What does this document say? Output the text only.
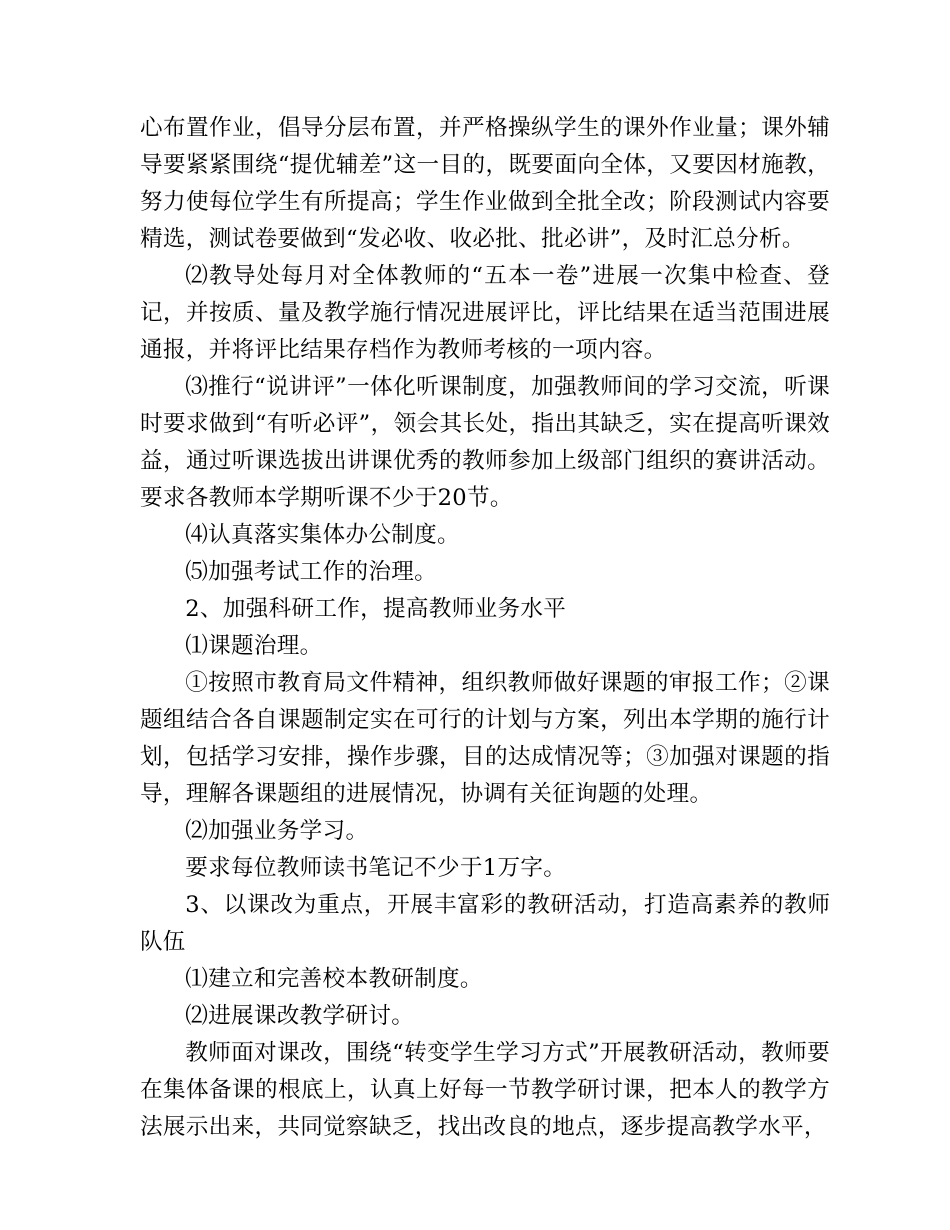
心布置作业，倡导分层布置，并严格操纵学生的课外作业量；课外辅导要紧紧围绕“提优辅差”这一目的，既要面向全体，又要因材施教，努力使每位学生有所提高；学生作业做到全批全改；阶段测试内容要精选，测试卷要做到“发必收、收必批、批必讲”，及时汇总分析。

⑵教导处每月对全体教师的“五本一卷”进展一次集中检查、登记，并按质、量及教学施行情况进展评比，评比结果在适当范围进展通报，并将评比结果存档作为教师考核的一项内容。

⑶推行“说讲评”一体化听课制度，加强教师间的学习交流，听课时要求做到“有听必评”，领会其长处，指出其缺乏，实在提高听课效益，通过听课选拔出讲课优秀的教师参加上级部门组织的赛讲活动。要求各教师本学期听课不少于20节。

⑷认真落实集体办公制度。

⑸加强考试工作的治理。

2、加强科研工作，提高教师业务水平

⑴课题治理。

①按照市教育局文件精神，组织教师做好课题的审报工作；②课题组结合各自课题制定实在可行的计划与方案，列出本学期的施行计划，包括学习安排，操作步骤，目的达成情况等；③加强对课题的指导，理解各课题组的进展情况，协调有关征询题的处理。

⑵加强业务学习。

要求每位教师读书笔记不少于1万字。

3、以课改为重点，开展丰富彩的教研活动，打造高素养的教师队伍

⑴建立和完善校本教研制度。

⑵进展课改教学研讨。

教师面对课改，围绕“转变学生学习方式”开展教研活动，教师要在集体备课的根底上，认真上好每一节教学研讨课，把本人的教学方法展示出来，共同觉察缺乏，找出改良的地点，逐步提高教学水平，
